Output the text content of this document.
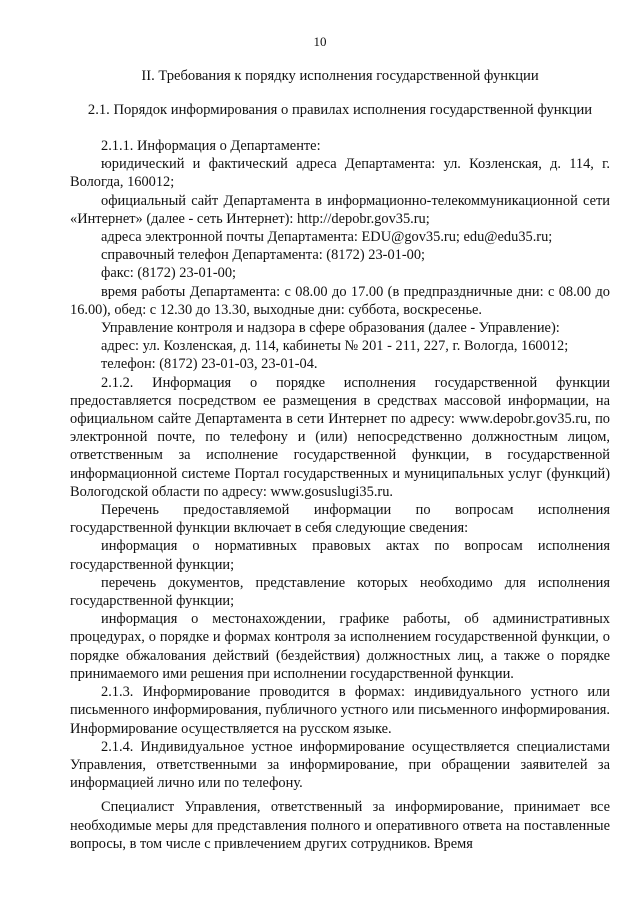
10
II. Требования к порядку исполнения государственной функции
2.1. Порядок информирования о правилах исполнения государственной функции

2.1.1. Информация о Департаменте:

юридический и фактический адреса Департамента: ул. Козленская, д. 114, г. Вологда, 160012;

официальный сайт Департамента в информационно-телекоммуникационной сети «Интернет» (далее - сеть Интернет): http://depobr.gov35.ru;

адреса электронной почты Департамента: EDU@gov35.ru; edu@edu35.ru;

справочный телефон Департамента: (8172) 23-01-00;

факс: (8172) 23-01-00;

время работы Департамента: с 08.00 до 17.00 (в предпраздничные дни: с 08.00 до 16.00), обед: с 12.30 до 13.30, выходные дни: суббота, воскресенье.

Управление контроля и надзора в сфере образования (далее - Управление):

адрес: ул. Козленская, д. 114, кабинеты № 201 - 211, 227, г. Вологда, 160012;

телефон: (8172) 23-01-03, 23-01-04.

2.1.2. Информация о порядке исполнения государственной функции предоставляется посредством ее размещения в средствах массовой информации, на официальном сайте Департамента в сети Интернет по адресу: www.depobr.gov35.ru, по электронной почте, по телефону и (или) непосредственно должностным лицом, ответственным за исполнение государственной функции, в государственной информационной системе Портал государственных и муниципальных услуг (функций) Вологодской области по адресу: www.gosuslugi35.ru.

Перечень предоставляемой информации по вопросам исполнения государственной функции включает в себя следующие сведения:

информация о нормативных правовых актах по вопросам исполнения государственной функции;

перечень документов, представление которых необходимо для исполнения государственной функции;

информация о местонахождении, графике работы, об административных процедурах, о порядке и формах контроля за исполнением государственной функции, о порядке обжалования действий (бездействия) должностных лиц, а также о порядке принимаемого ими решения при исполнении государственной функции.

2.1.3. Информирование проводится в формах: индивидуального устного или письменного информирования, публичного устного или письменного информирования. Информирование осуществляется на русском языке.

2.1.4. Индивидуальное устное информирование осуществляется специалистами Управления, ответственными за информирование, при обращении заявителей за информацией лично или по телефону.

Специалист Управления, ответственный за информирование, принимает все необходимые меры для представления полного и оперативного ответа на поставленные вопросы, в том числе с привлечением других сотрудников. Время
